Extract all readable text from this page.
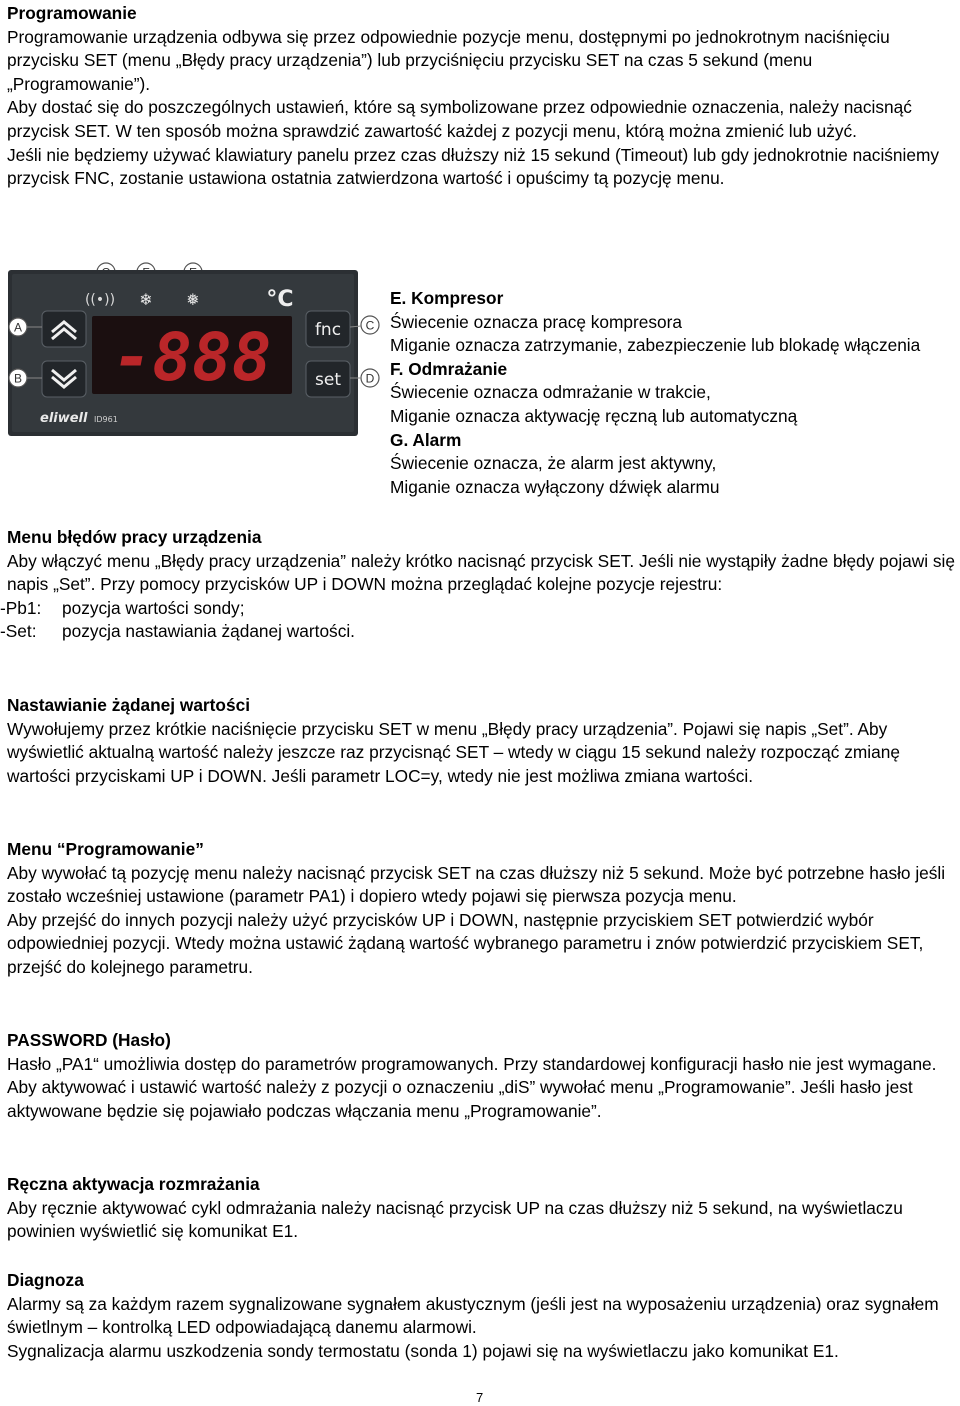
Programowanie

Programowanie urządzenia odbywa się przez odpowiednie pozycje menu, dostępnymi po jednokrotnym naciśnięciu przycisku SET (menu „Błędy pracy urządzenia”) lub przyciśnięciu przycisku SET na czas 5 sekund (menu „Programowanie”).

Aby dostać się do poszczególnych ustawień, które są symbolizowane przez odpowiednie oznaczenia, należy nacisnąć przycisk SET. W ten sposób można sprawdzić zawartość każdej z pozycji menu, którą można zmienić lub użyć.

Jeśli nie będziemy używać klawiatury panelu przez czas dłuższy niż 15 sekund (Timeout) lub gdy jednokrotnie naciśniemy przycisk FNC, zostanie ustawiona ostatnia zatwierdzona wartość i opuścimy tą pozycję menu.

((•)) ❄ ❅	°C
-888	fnc
set
A
B
C
D
eliwell ID961

E. Kompresor

Świecenie oznacza pracę kompresora

Miganie oznacza zatrzymanie, zabezpieczenie lub blokadę włączenia

F. Odmrażanie

Świecenie oznacza odmrażanie w trakcie,

Miganie oznacza aktywację ręczną lub automatyczną

G. Alarm

Świecenie oznacza, że alarm jest aktywny,

Miganie oznacza wyłączony dźwięk alarmu

Menu błędów pracy urządzenia

Aby włączyć menu „Błędy pracy urządzenia” należy krótko nacisnąć przycisk SET. Jeśli nie wystąpiły żadne błędy pojawi się napis „Set”. Przy pomocy przycisków UP i DOWN można przeglądać kolejne pozycje rejestru:

-Pb1:	pozycja wartości sondy;
-Set:	pozycja nastawiania żądanej wartości.

Nastawianie żądanej wartości

Wywołujemy przez krótkie naciśnięcie przycisku SET w menu „Błędy pracy urządzenia”. Pojawi się napis „Set”. Aby wyświetlić aktualną wartość należy jeszcze raz przycisnąć SET – wtedy w ciągu 15 sekund należy rozpocząć zmianę wartości przyciskami UP i DOWN. Jeśli parametr LOC=y, wtedy nie jest możliwa zmiana wartości.

Menu “Programowanie”

Aby wywołać tą pozycję menu należy nacisnąć przycisk SET na czas dłuższy niż 5 sekund. Może być potrzebne hasło jeśli zostało wcześniej ustawione (parametr PA1) i dopiero wtedy pojawi się pierwsza pozycja menu.

Aby przejść do innych pozycji należy użyć przycisków UP i DOWN, następnie przyciskiem SET potwierdzić wybór odpowiedniej pozycji. Wtedy można ustawić żądaną wartość wybranego parametru i znów potwierdzić przyciskiem SET, przejść do kolejnego parametru.

PASSWORD (Hasło)

Hasło „PA1“ umożliwia dostęp do parametrów programowanych. Przy standardowej konfiguracji hasło nie jest wymagane. Aby aktywować i ustawić wartość należy z pozycji o oznaczeniu „diS” wywołać menu „Programowanie”. Jeśli hasło jest aktywowane będzie się pojawiało podczas włączania menu „Programowanie”.

Ręczna aktywacja rozmrażania

Aby ręcznie aktywować cykl odmrażania należy nacisnąć przycisk UP na czas dłuższy niż 5 sekund, na wyświetlaczu powinien wyświetlić się komunikat E1.

Diagnoza

Alarmy są za każdym razem sygnalizowane sygnałem akustycznym (jeśli jest na wyposażeniu urządzenia) oraz sygnałem świetlnym – kontrolką LED odpowiadającą danemu alarmowi.

Sygnalizacja alarmu uszkodzenia sondy termostatu (sonda 1) pojawi się na wyświetlaczu jako komunikat E1.

7
